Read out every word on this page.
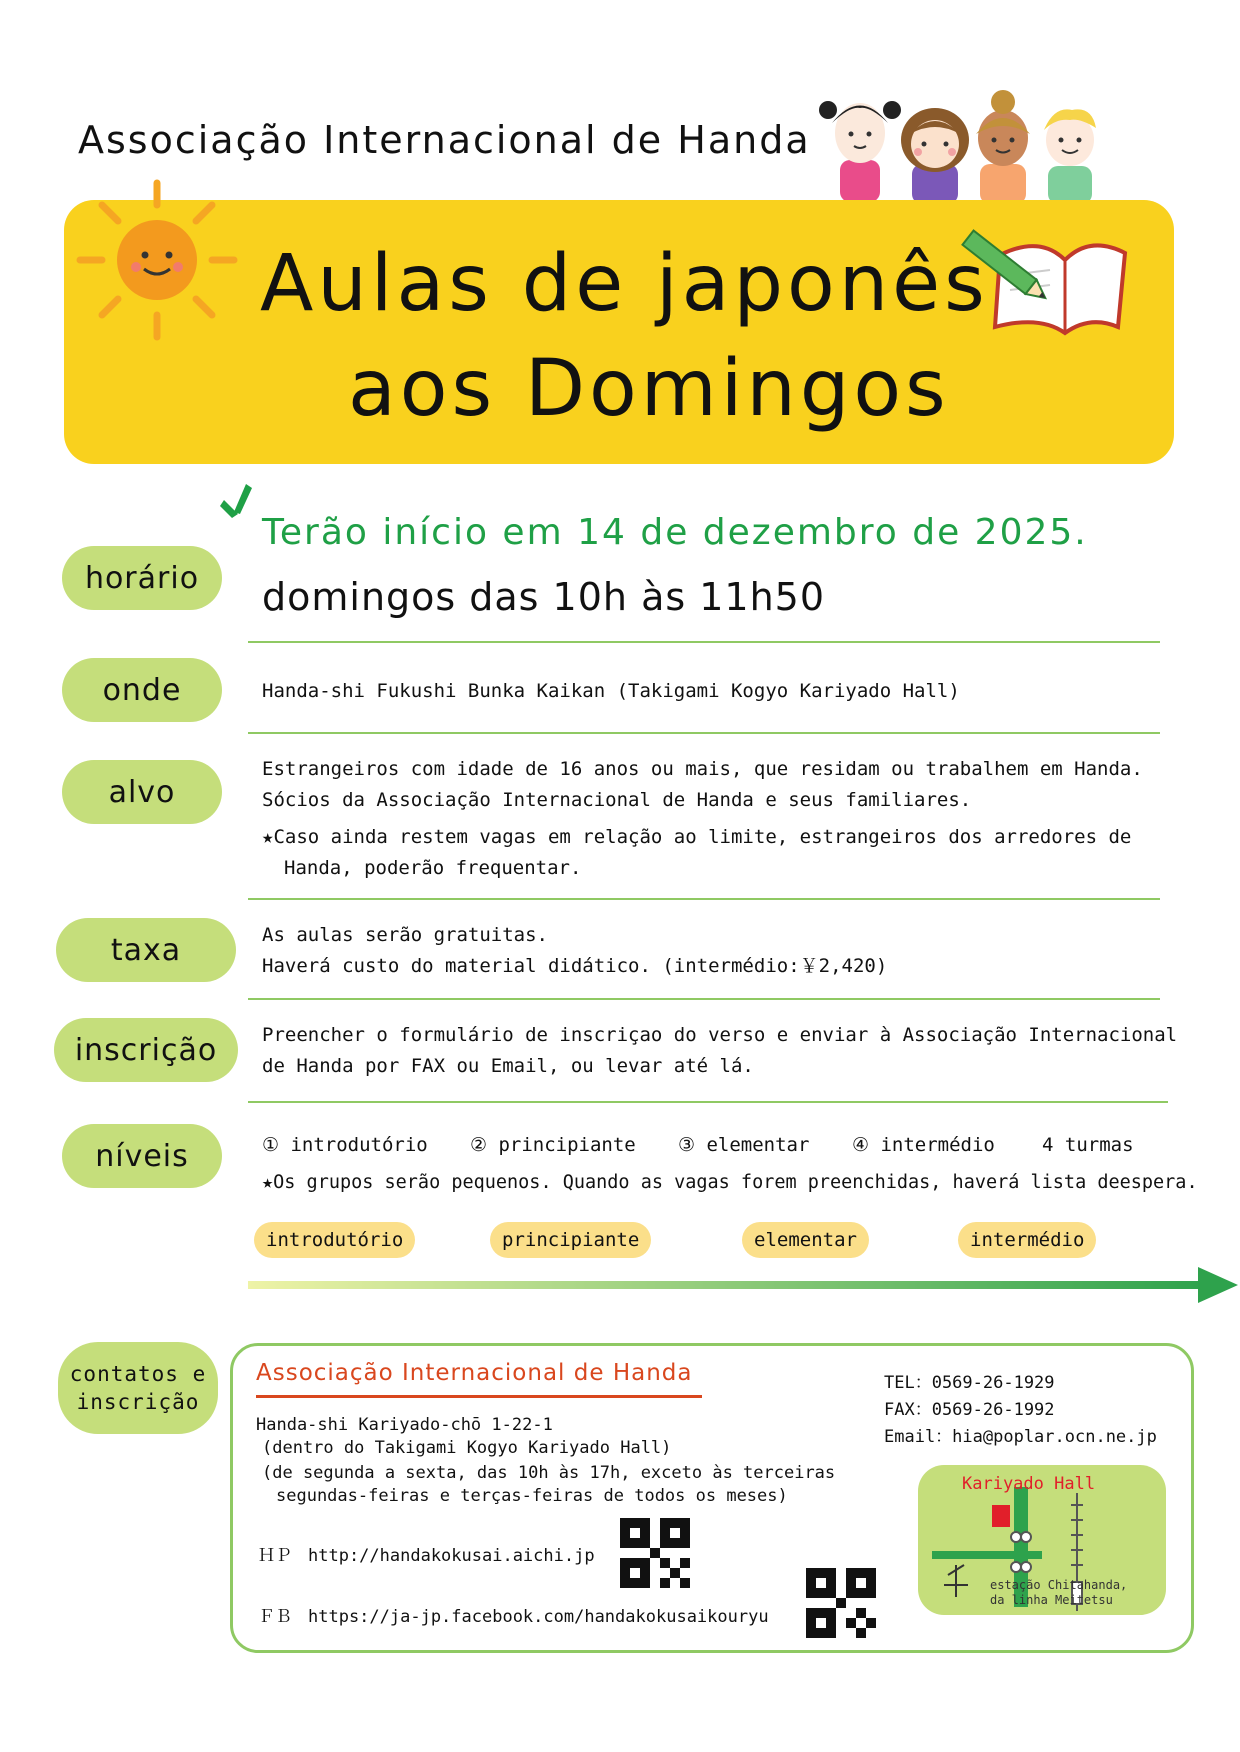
Associação Internacional de Handa
Aulas de japonês
aos Domingos
horário
Terão início em 14 de dezembro de 2025.
domingos das 10h às 11h50
onde	Handa-shi Fukushi Bunka Kaikan (Takigami Kogyo Kariyado Hall)
alvo
Estrangeiros com idade de 16 anos ou mais, que residam ou trabalhem em Handa.
Sócios da Associação Internacional de Handa e seus familiares.
★Caso ainda restem vagas em relação ao limite, estrangeiros dos arredores de
Handa, poderão frequentar.
taxa	As aulas serão gratuitas.
Haverá custo do material didático. (intermédio:￥2,420)
inscrição	Preencher o formulário de inscriçao do verso e enviar à Associação Internacional
de Handa por FAX ou Email, ou levar até lá.
níveis	① introdutório ② principiante ③ elementar ④ intermédio 4 turmas
★Os grupos serão pequenos. Quando as vagas forem preenchidas, haverá lista deespera.
introdutório	principiante	elementar	intermédio
contatos e inscrição
Associação Internacional de Handa
Handa-shi Kariyado-chō 1-22-1
(dentro do Takigami Kogyo Kariyado Hall)
(de segunda a sexta, das 10h às 17h, exceto às terceiras
segundas-feiras e terças-feiras de todos os meses)
ＨＰ http://handakokusai.aichi.jp
ＦＢ https://ja-jp.facebook.com/handakokusaikouryu
TEL：0569-26-1929
FAX：0569-26-1992
Email：hia@poplar.ocn.ne.jp
Kariyado Hall
estação Chitahanda,
da linha Meitetsu
